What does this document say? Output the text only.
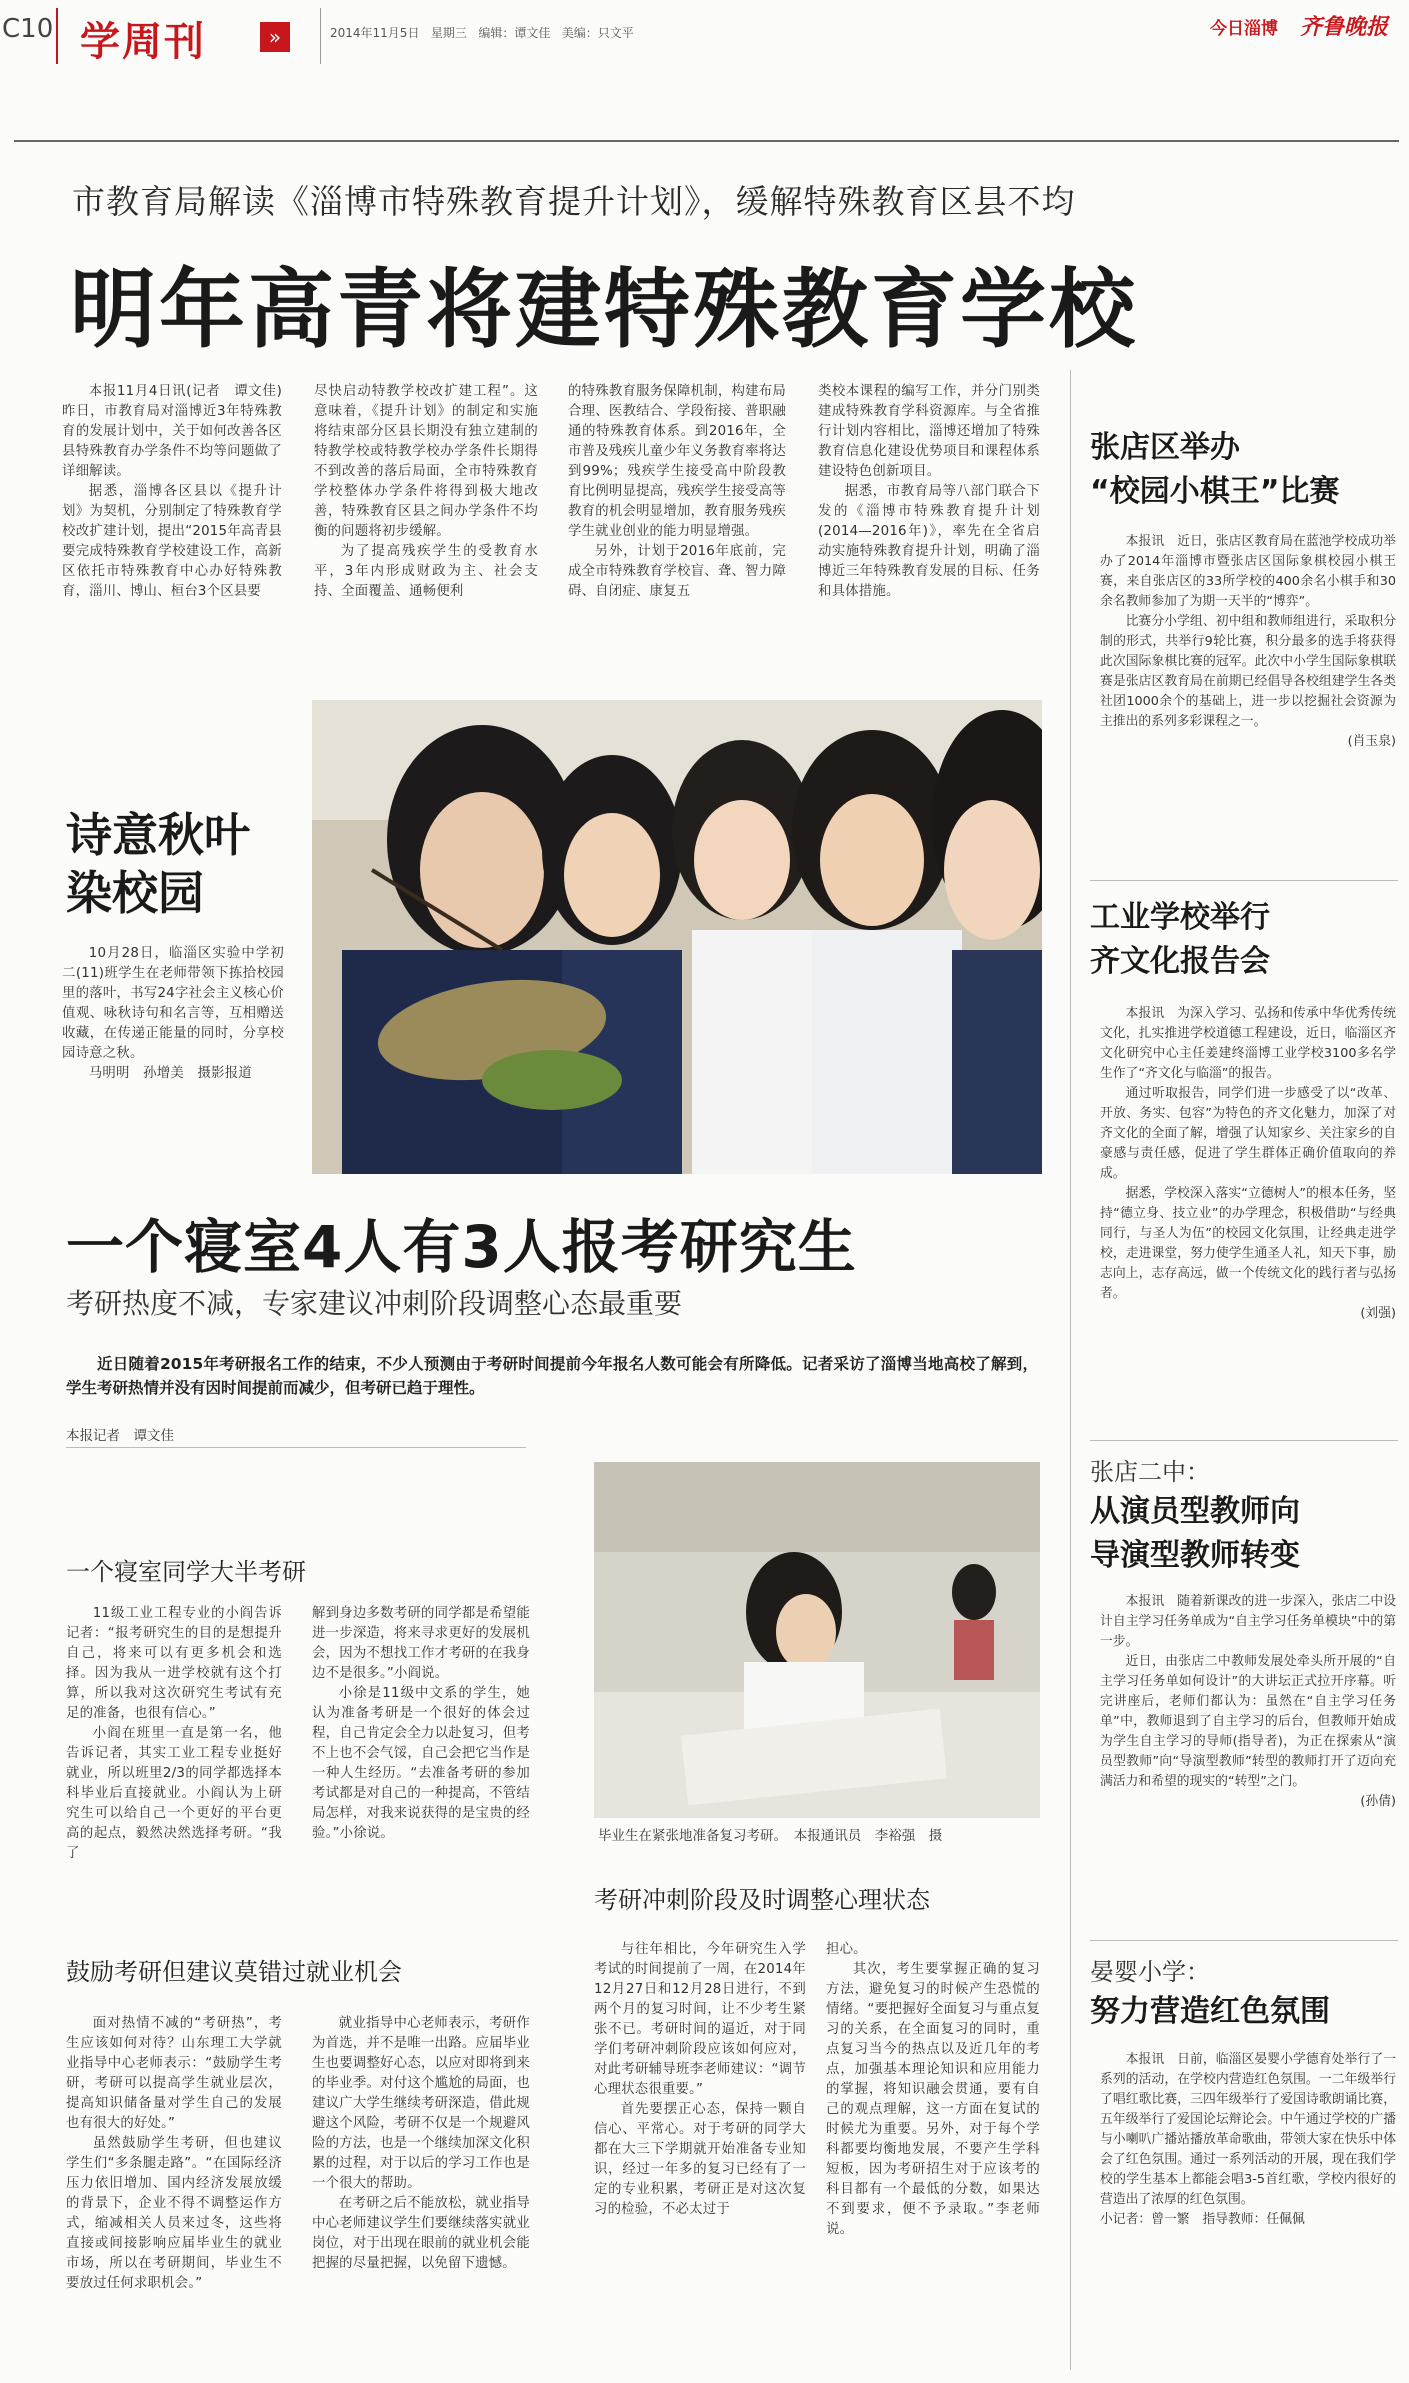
C10 学周刊	»	2014年11月5日   星期三   编辑：谭文佳   美编：只文平	今日淄博 齐鲁晚报
市教育局解读《淄博市特殊教育提升计划》，缓解特殊教育区县不均
明年高青将建特殊教育学校

本报11月4日讯(记者　谭文佳)　昨日，市教育局对淄博近3年特殊教育的发展计划中，关于如何改善各区县特殊教育办学条件不均等问题做了详细解读。

据悉，淄博各区县以《提升计划》为契机，分别制定了特殊教育学校改扩建计划，提出“2015年高青县要完成特殊教育学校建设工作，高新区依托市特殊教育中心办好特殊教育，淄川、博山、桓台3个区县要

尽快启动特教学校改扩建工程”。这意味着，《提升计划》的制定和实施将结束部分区县长期没有独立建制的特教学校或特教学校办学条件长期得不到改善的落后局面，全市特殊教育学校整体办学条件将得到极大地改善，特殊教育区县之间办学条件不均衡的问题将初步缓解。

为了提高残疾学生的受教育水平，3年内形成财政为主、社会支持、全面覆盖、通畅便利

的特殊教育服务保障机制，构建布局合理、医教结合、学段衔接、普职融通的特殊教育体系。到2016年，全市普及残疾儿童少年义务教育率将达到99%；残疾学生接受高中阶段教育比例明显提高，残疾学生接受高等教育的机会明显增加，教育服务残疾学生就业创业的能力明显增强。

另外，计划于2016年底前，完成全市特殊教育学校盲、聋、智力障碍、自闭症、康复五

类校本课程的编写工作，并分门别类建成特殊教育学科资源库。与全省推行计划内容相比，淄博还增加了特殊教育信息化建设优势项目和课程体系建设特色创新项目。

据悉，市教育局等八部门联合下发的《淄博市特殊教育提升计划(2014—2016年)》，率先在全省启动实施特殊教育提升计划，明确了淄博近三年特殊教育发展的目标、任务和具体措施。

诗意秋叶
染校园

10月28日，临淄区实验中学初二(11)班学生在老师带领下拣拾校园里的落叶，书写24字社会主义核心价值观、咏秋诗句和名言等，互相赠送收藏，在传递正能量的同时，分享校园诗意之秋。

马明明　孙增美　摄影报道

一个寝室4人有3人报考研究生
考研热度不减，专家建议冲刺阶段调整心态最重要
近日随着2015年考研报名工作的结束，不少人预测由于考研时间提前今年报名人数可能会有所降低。记者采访了淄博当地高校了解到，学生考研热情并没有因时间提前而减少，但考研已趋于理性。
本报记者　谭文佳
一个寝室同学大半考研

11级工业工程专业的小阎告诉记者：“报考研究生的目的是想提升自己，将来可以有更多机会和选择。因为我从一进学校就有这个打算，所以我对这次研究生考试有充足的准备，也很有信心。”

小阎在班里一直是第一名，他告诉记者，其实工业工程专业挺好就业，所以班里2/3的同学都选择本科毕业后直接就业。小阎认为上研究生可以给自己一个更好的平台更高的起点，毅然决然选择考研。“我了

解到身边多数考研的同学都是希望能进一步深造，将来寻求更好的发展机会，因为不想找工作才考研的在我身边不是很多。”小阎说。

小徐是11级中文系的学生，她认为准备考研是一个很好的体会过程，自己肯定会全力以赴复习，但考不上也不会气馁，自己会把它当作是一种人生经历。“去准备考研的参加考试都是对自己的一种提高，不管结局怎样，对我来说获得的是宝贵的经验。”小徐说。

鼓励考研但建议莫错过就业机会

面对热情不减的“考研热”，考生应该如何对待？山东理工大学就业指导中心老师表示：“鼓励学生考研，考研可以提高学生就业层次，提高知识储备量对学生自己的发展也有很大的好处。”

虽然鼓励学生考研，但也建议学生们“多条腿走路”。“在国际经济压力依旧增加、国内经济发展放缓的背景下，企业不得不调整运作方式，缩减相关人员来过冬，这些将直接或间接影响应届毕业生的就业市场，所以在考研期间，毕业生不要放过任何求职机会。”

就业指导中心老师表示，考研作为首选，并不是唯一出路。应届毕业生也要调整好心态，以应对即将到来的毕业季。对付这个尴尬的局面，也建议广大学生继续考研深造，借此规避这个风险，考研不仅是一个规避风险的方法，也是一个继续加深文化积累的过程，对于以后的学习工作也是一个很大的帮助。

在考研之后不能放松，就业指导中心老师建议学生们要继续落实就业岗位，对于出现在眼前的就业机会能把握的尽量把握，以免留下遗憾。

毕业生在紧张地准备复习考研。　本报通讯员　李裕强　摄
考研冲刺阶段及时调整心理状态

与往年相比，今年研究生入学考试的时间提前了一周，在2014年12月27日和12月28日进行，不到两个月的复习时间，让不少考生紧张不已。考研时间的逼近，对于同学们考研冲刺阶段应该如何应对，对此考研辅导班李老师建议：“调节心理状态很重要。”

首先要摆正心态，保持一颗自信心、平常心。对于考研的同学大都在大三下学期就开始准备专业知识，经过一年多的复习已经有了一定的专业积累，考研正是对这次复习的检验，不必太过于

担心。

其次，考生要掌握正确的复习方法，避免复习的时候产生恐慌的情绪。“要把握好全面复习与重点复习的关系，在全面复习的同时，重点复习当今的热点以及近几年的考点，加强基本理论知识和应用能力的掌握，将知识融会贯通，要有自己的观点理解，这一方面在复试的时候尤为重要。另外，对于每个学科都要均衡地发展，不要产生学科短板，因为考研招生对于应该考的科目都有一个最低的分数，如果达不到要求，便不予录取。”李老师说。

张店区举办
“校园小棋王”比赛

本报讯　近日，张店区教育局在蓝池学校成功举办了2014年淄博市暨张店区国际象棋校园小棋王赛，来自张店区的33所学校的400余名小棋手和30余名教师参加了为期一天半的“博弈”。

比赛分小学组、初中组和教师组进行，采取积分制的形式，共举行9轮比赛，积分最多的选手将获得此次国际象棋比赛的冠军。此次中小学生国际象棋联赛是张店区教育局在前期已经倡导各校组建学生各类社团1000余个的基础上，进一步以挖掘社会资源为主推出的系列多彩课程之一。

(肖玉泉)

工业学校举行
齐文化报告会

本报讯　为深入学习、弘扬和传承中华优秀传统文化，扎实推进学校道德工程建设，近日，临淄区齐文化研究中心主任姜建终淄博工业学校3100多名学生作了“齐文化与临淄”的报告。

通过听取报告，同学们进一步感受了以“改革、开放、务实、包容”为特色的齐文化魅力，加深了对齐文化的全面了解，增强了认知家乡、关注家乡的自豪感与责任感，促进了学生群体正确价值取向的养成。

据悉，学校深入落实“立德树人”的根本任务，坚持“德立身、技立业”的办学理念，积极借助“与经典同行，与圣人为伍”的校园文化氛围，让经典走进学校，走进课堂，努力使学生通圣人礼，知天下事，励志向上，志存高远，做一个传统文化的践行者与弘扬者。

(刘强)

张店二中：
从演员型教师向
导演型教师转变

本报讯　随着新课改的进一步深入，张店二中设计自主学习任务单成为“自主学习任务单模块”中的第一步。

近日，由张店二中教师发展处牵头所开展的“自主学习任务单如何设计”的大讲坛正式拉开序幕。听完讲座后，老师们都认为：虽然在“自主学习任务单”中，教师退到了自主学习的后台，但教师开始成为学生自主学习的导师(指导者)，为正在探索从“演员型教师”向“导演型教师”转型的教师打开了迈向充满活力和希望的现实的“转型”之门。

(孙倩)

晏婴小学：
努力营造红色氛围

本报讯　日前，临淄区晏婴小学德育处举行了一系列的活动，在学校内营造红色氛围。一二年级举行了唱红歌比赛，三四年级举行了爱国诗歌朗诵比赛，五年级举行了爱国论坛辩论会。中午通过学校的广播与小喇叭广播站播放革命歌曲，带领大家在快乐中体会了红色氛围。通过一系列活动的开展，现在我们学校的学生基本上都能会唱3-5首红歌，学校内很好的营造出了浓厚的红色氛围。

小记者：曾一繁　指导教师：任佩佩
